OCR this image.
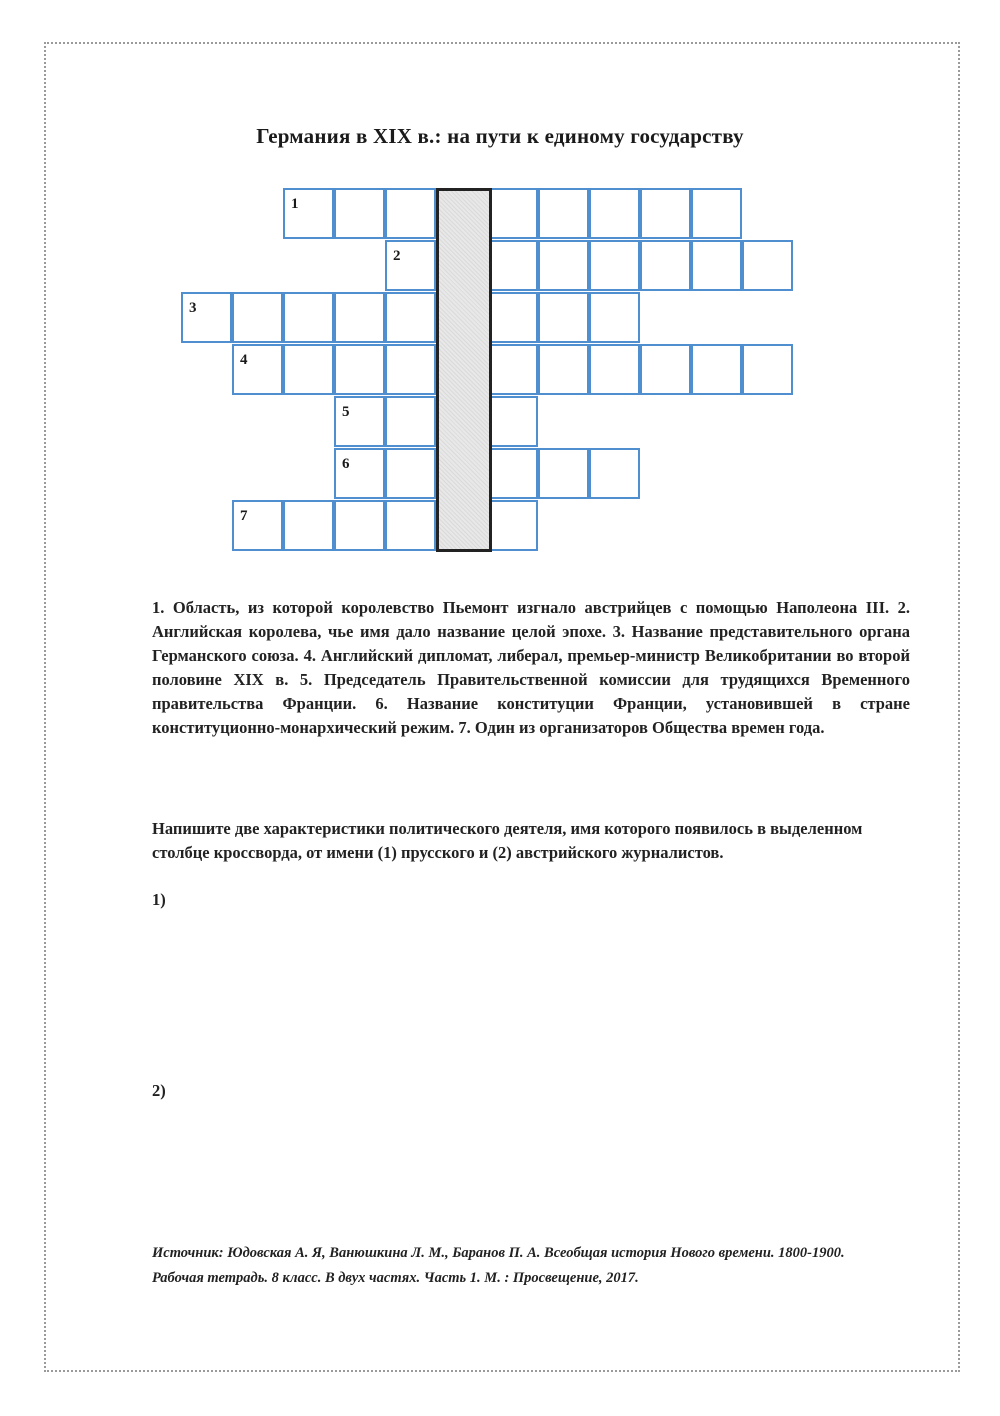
Германия в XIX в.: на пути к единому государству
1
2
3
4
5
6
7
1. Область, из которой королевство Пьемонт изгнало австрийцев с помощью Наполеона III. 2. Английская королева, чье имя дало название целой эпохе. 3. Название представительного органа Германского союза. 4. Английский дипломат, либерал, премьер-министр Великобритании во второй половине XIX в. 5. Председатель Правительственной комиссии для трудящихся Временного правительства Франции. 6. Название конституции Франции, установившей в стране конституционно-монархический режим. 7. Один из организаторов Общества времен года.
Напишите две характеристики политического деятеля, имя которого появилось в выделенном столбце кроссворда, от имени (1) прусского и (2) австрийского журналистов.
1)
2)
Источник: Юдовская А. Я, Ванюшкина Л. М., Баранов П. А. Всеобщая история Нового времени. 1800-1900. Рабочая тетрадь. 8 класс. В двух частях. Часть 1. М. : Просвещение, 2017.
